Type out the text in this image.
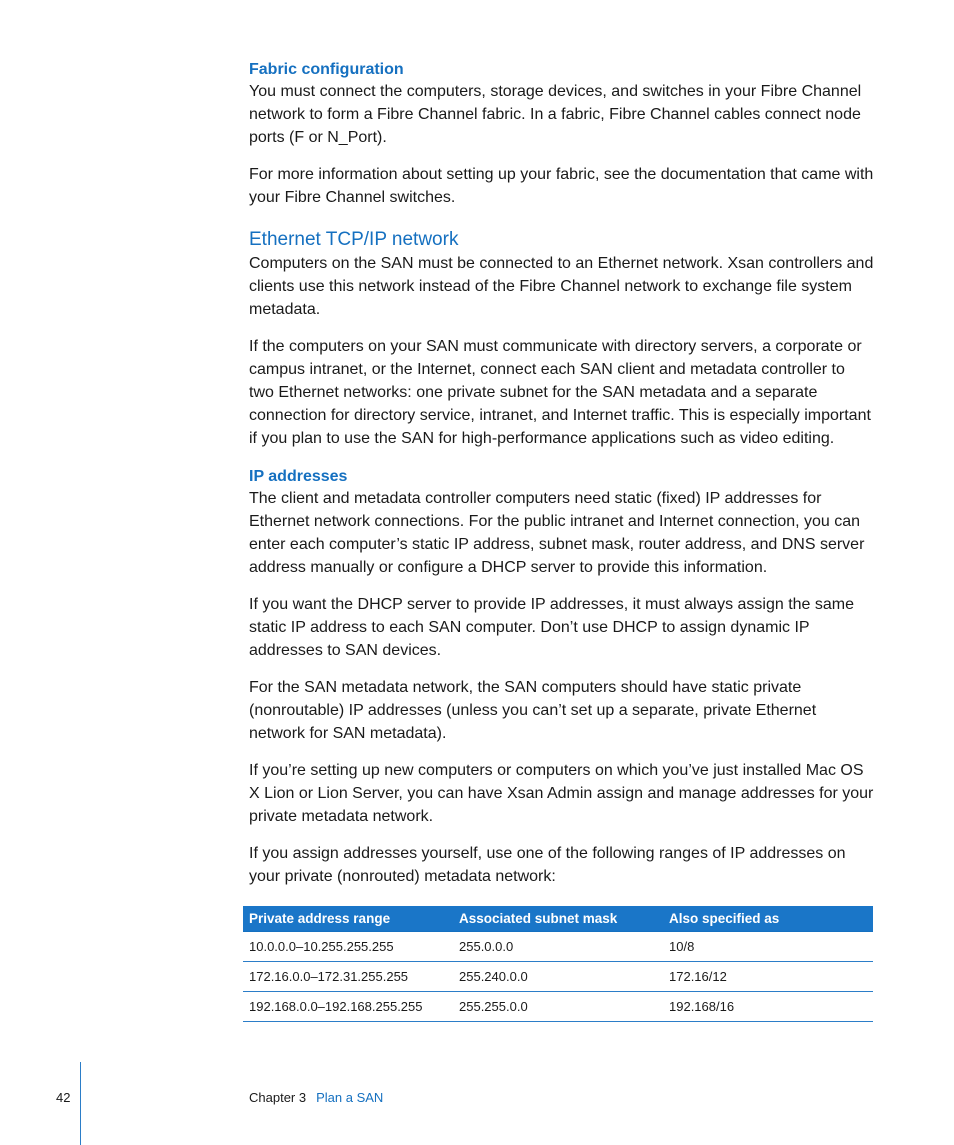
Fabric configuration

You must connect the computers, storage devices, and switches in your Fibre Channel network to form a Fibre Channel fabric. In a fabric, Fibre Channel cables connect node ports (F or N_Port).

For more information about setting up your fabric, see the documentation that came with your Fibre Channel switches.

Ethernet TCP/IP network

Computers on the SAN must be connected to an Ethernet network. Xsan controllers and clients use this network instead of the Fibre Channel network to exchange file system metadata.

If the computers on your SAN must communicate with directory servers, a corporate or campus intranet, or the Internet, connect each SAN client and metadata controller to two Ethernet networks: one private subnet for the SAN metadata and a separate connection for directory service, intranet, and Internet traffic. This is especially important if you plan to use the SAN for high-performance applications such as video editing.

IP addresses

The client and metadata controller computers need static (fixed) IP addresses for Ethernet network connections. For the public intranet and Internet connection, you can enter each computer’s static IP address, subnet mask, router address, and DNS server address manually or configure a DHCP server to provide this information.

If you want the DHCP server to provide IP addresses, it must always assign the same static IP address to each SAN computer. Don’t use DHCP to assign dynamic IP addresses to SAN devices.

For the SAN metadata network, the SAN computers should have static private (nonroutable) IP addresses (unless you can’t set up a separate, private Ethernet network for SAN metadata).

If you’re setting up new computers or computers on which you’ve just installed Mac OS X Lion or Lion Server, you can have Xsan Admin assign and manage addresses for your private metadata network.

If you assign addresses yourself, use one of the following ranges of IP addresses on your private (nonrouted) metadata network:

Private address range	Associated subnet mask	Also specified as
10.0.0.0–10.255.255.255	255.0.0.0	10/8
172.16.0.0–172.31.255.255	255.240.0.0	172.16/12
192.168.0.0–192.168.255.255	255.255.0.0	192.168/16
42	Chapter 3 Plan a SAN
